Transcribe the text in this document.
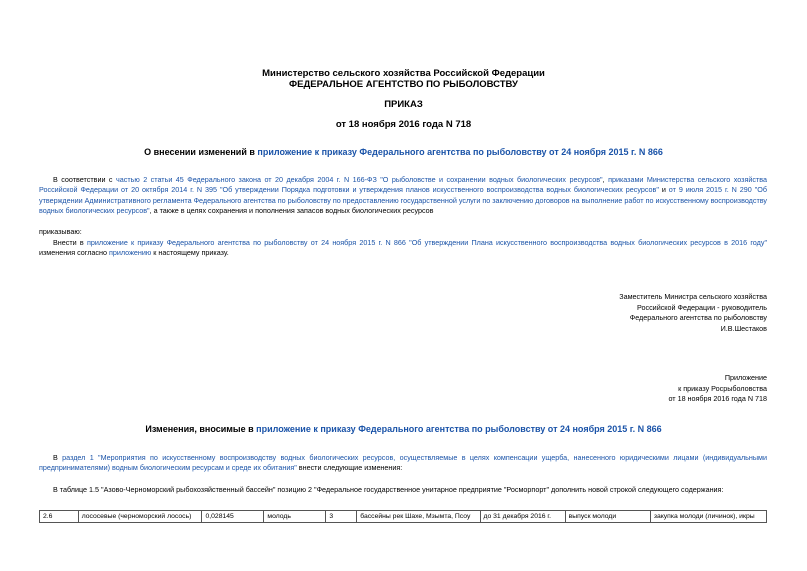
Министерство сельского хозяйства Российской Федерации
ФЕДЕРАЛЬНОЕ АГЕНТСТВО ПО РЫБОЛОВСТВУ
ПРИКАЗ
от 18 ноября 2016 года N 718
О внесении изменений в приложение к приказу Федерального агентства по рыболовству от 24 ноября 2015 г. N 866
В соответствии с частью 2 статьи 45 Федерального закона от 20 декабря 2004 г. N 166-ФЗ "О рыболовстве и сохранении водных биологических ресурсов", приказами Министерства сельского хозяйства Российской Федерации от 20 октября 2014 г. N 395 "Об утверждении Порядка подготовки и утверждения планов искусственного воспроизводства водных биологических ресурсов" и от 9 июля 2015 г. N 290 "Об утверждении Административного регламента Федерального агентства по рыболовству по предоставлению государственной услуги по заключению договоров на выполнение работ по искусственному воспроизводству водных биологических ресурсов", а также в целях сохранения и пополнения запасов водных биологических ресурсов
приказываю:
Внести в приложение к приказу Федерального агентства по рыболовству от 24 ноября 2015 г. N 866 "Об утверждении Плана искусственного воспроизводства водных биологических ресурсов в 2016 году" изменения согласно приложению к настоящему приказу.
Заместитель Министра сельского хозяйства
Российской Федерации - руководитель
Федерального агентства по рыболовству
И.В.Шестаков
Приложение
к приказу Росрыболовства
от 18 ноября 2016 года N 718
Изменения, вносимые в приложение к приказу Федерального агентства по рыболовству от 24 ноября 2015 г. N 866
В раздел 1 "Мероприятия по искусственному воспроизводству водных биологических ресурсов, осуществляемые в целях компенсации ущерба, нанесенного юридическими лицами (индивидуальными предпринимателями) водным биологическим ресурсам и среде их обитания" внести следующие изменения:
В таблице 1.5 "Азово-Черноморский рыбохозяйственный бассейн" позицию 2 "Федеральное государственное унитарное предприятие "Росморпорт" дополнить новой строкой следующего содержания:
2.6	лососевые (черноморский лосось)	0,028145	молодь	3	бассейны рек Шахе, Мзымта, Псоу	до 31 декабря 2016 г.	выпуск молоди	закупка молоди (личинок), икры
